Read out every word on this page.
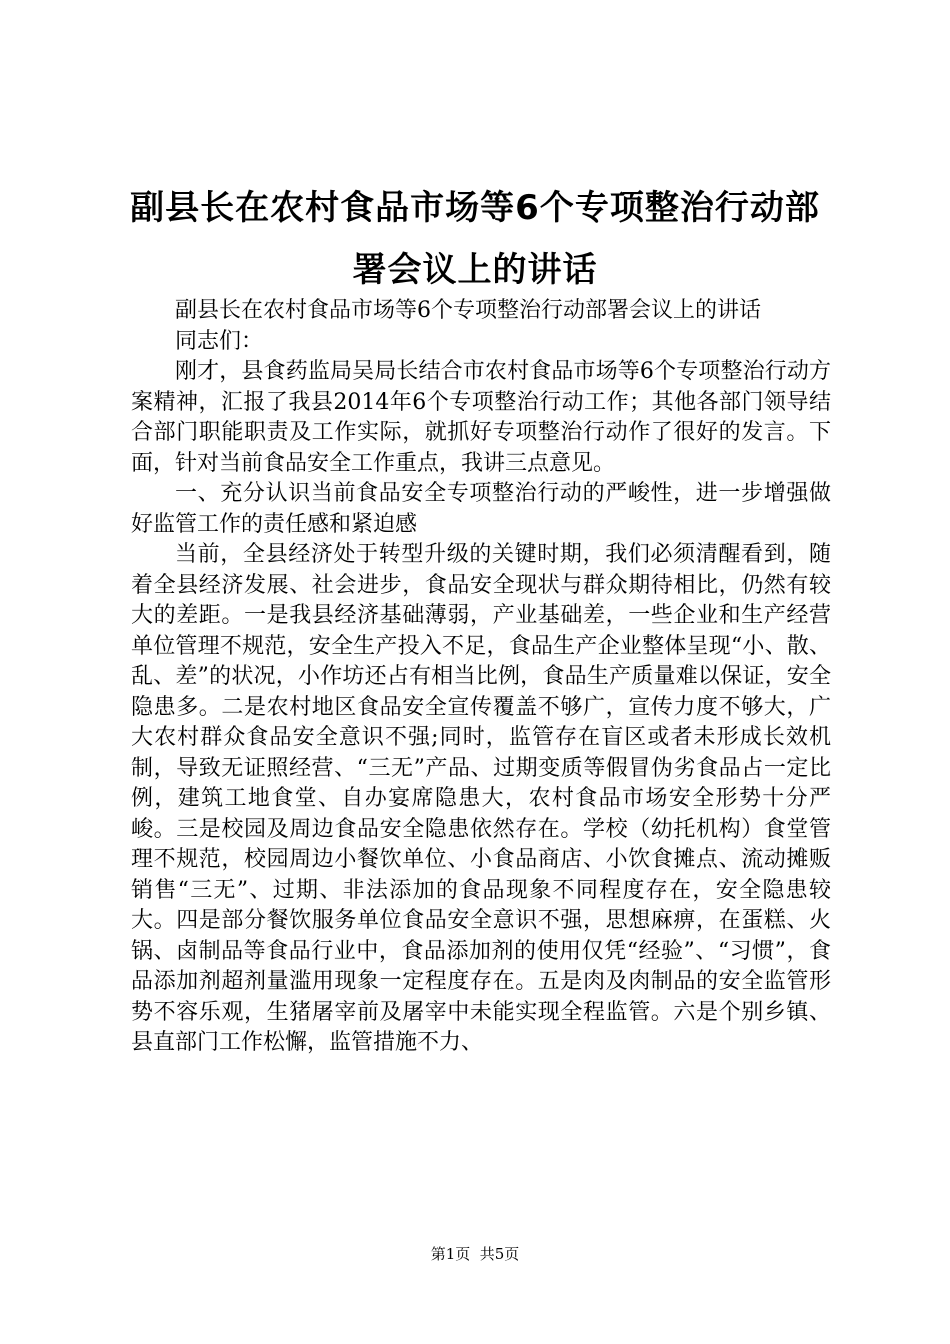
副县长在农村食品市场等6个专项整治行动部
署会议上的讲话

副县长在农村食品市场等6个专项整治行动部署会议上的讲话

同志们：

刚才，县食药监局吴局长结合市农村食品市场等6个专项整治行动方案精神，汇报了我县2014年6个专项整治行动工作；其他各部门领导结合部门职能职责及工作实际，就抓好专项整治行动作了很好的发言。下面，针对当前食品安全工作重点，我讲三点意见。

一、充分认识当前食品安全专项整治行动的严峻性，进一步增强做好监管工作的责任感和紧迫感

当前，全县经济处于转型升级的关键时期，我们必须清醒看到，随着全县经济发展、社会进步，食品安全现状与群众期待相比，仍然有较大的差距。一是我县经济基础薄弱，产业基础差，一些企业和生产经营单位管理不规范，安全生产投入不足，食品生产企业整体呈现“小、散、乱、差”的状况，小作坊还占有相当比例，食品生产质量难以保证，安全隐患多。二是农村地区食品安全宣传覆盖不够广，宣传力度不够大，广大农村群众食品安全意识不强;同时，监管存在盲区或者未形成长效机制，导致无证照经营、“三无”产品、过期变质等假冒伪劣食品占一定比例，建筑工地食堂、自办宴席隐患大，农村食品市场安全形势十分严峻。三是校园及周边食品安全隐患依然存在。学校（幼托机构）食堂管理不规范，校园周边小餐饮单位、小食品商店、小饮食摊点、流动摊贩销售“三无”、过期、非法添加的食品现象不同程度存在，安全隐患较大。四是部分餐饮服务单位食品安全意识不强，思想麻痹，在蛋糕、火锅、卤制品等食品行业中，食品添加剂的使用仅凭“经验”、“习惯”，食品添加剂超剂量滥用现象一定程度存在。五是肉及肉制品的安全监管形势不容乐观，生猪屠宰前及屠宰中未能实现全程监管。六是个别乡镇、县直部门工作松懈，监管措施不力、

第1页  共5页
